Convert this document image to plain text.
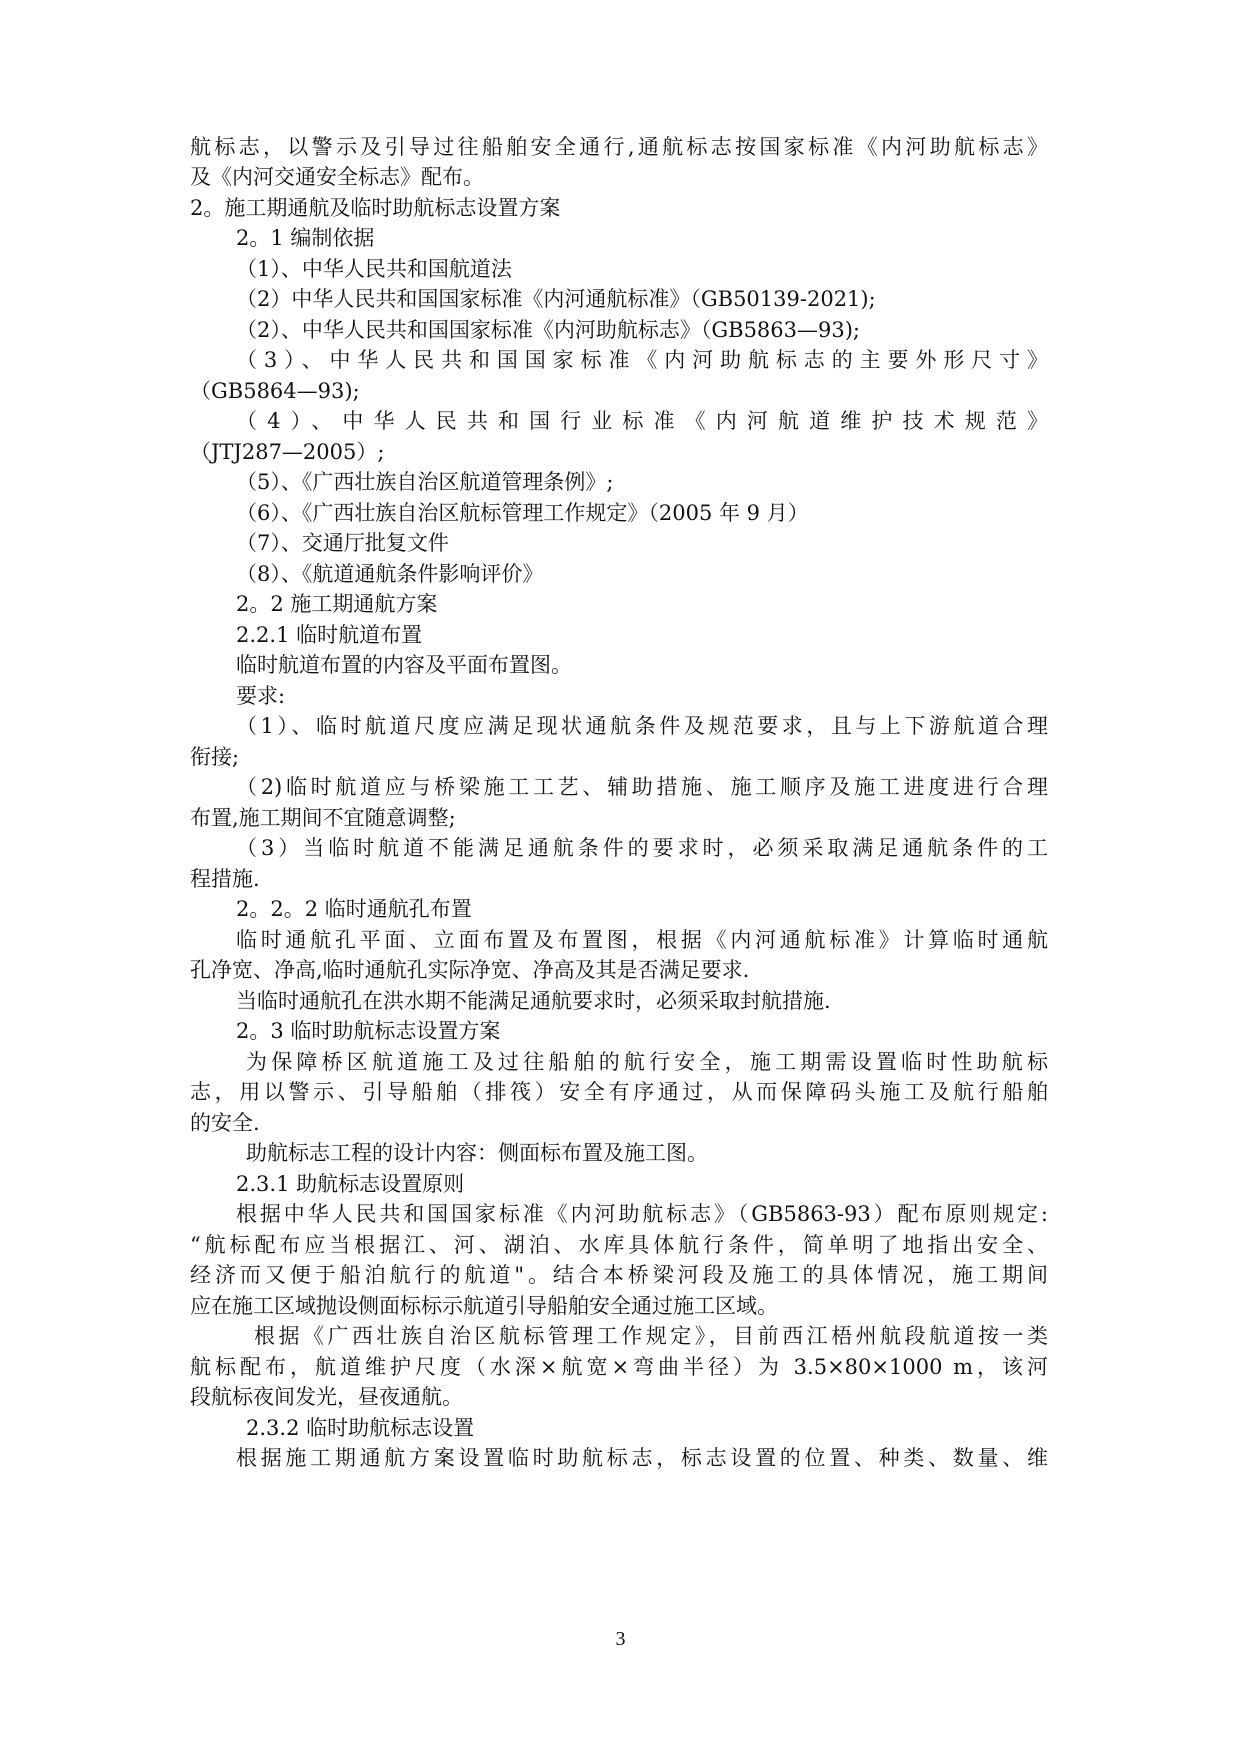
航标志，以警示及引导过往船舶安全通行,通航标志按国家标准《内河助航标志》
及《内河交通安全标志》配布。
2。施工期通航及临时助航标志设置方案
2。1 编制依据
（1）、中华人民共和国航道法
（2）中华人民共和国国家标准《内河通航标准》（GB50139-2021);
（2）、中华人民共和国国家标准《内河助航标志》（GB5863—93);
（3）、中华人民共和国国家标准《内河助航标志的主要外形尺寸》
（GB5864—93);
（4）、中华人民共和国行业标准《内河航道维护技术规范》
（JTJ287—2005）;
（5）、《广西壮族自治区航道管理条例》;
（6）、《广西壮族自治区航标管理工作规定》（2005 年 9 月）
（7）、交通厅批复文件
（8）、《航道通航条件影响评价》
2。2 施工期通航方案
2.2.1 临时航道布置
临时航道布置的内容及平面布置图。
要求:
（1）、临时航道尺度应满足现状通航条件及规范要求，且与上下游航道合理
衔接;
（2)临时航道应与桥梁施工工艺、辅助措施、施工顺序及施工进度进行合理
布置,施工期间不宜随意调整;
（3）当临时航道不能满足通航条件的要求时，必须采取满足通航条件的工
程措施.
2。2。2 临时通航孔布置
临时通航孔平面、立面布置及布置图，根据《内河通航标准》计算临时通航
孔净宽、净高,临时通航孔实际净宽、净高及其是否满足要求.
当临时通航孔在洪水期不能满足通航要求时，必须采取封航措施.
2。3 临时助航标志设置方案
为保障桥区航道施工及过往船舶的航行安全，施工期需设置临时性助航标
志，用以警示、引导船舶（排筏）安全有序通过，从而保障码头施工及航行船舶
的安全.
助航标志工程的设计内容：侧面标布置及施工图。
2.3.1 助航标志设置原则
根据中华人民共和国国家标准《内河助航标志》（GB5863-93）配布原则规定:
“航标配布应当根据江、河、湖泊、水库具体航行条件，简单明了地指出安全、
经济而又便于船泊航行的航道"。结合本桥梁河段及施工的具体情况，施工期间
应在施工区域抛设侧面标标示航道引导船舶安全通过施工区域。
根据《广西壮族自治区航标管理工作规定》，目前西江梧州航段航道按一类
航标配布，航道维护尺度（水深×航宽×弯曲半径）为 3.5×80×1000 m，该河
段航标夜间发光，昼夜通航。
2.3.2 临时助航标志设置
根据施工期通航方案设置临时助航标志，标志设置的位置、种类、数量、维
3
